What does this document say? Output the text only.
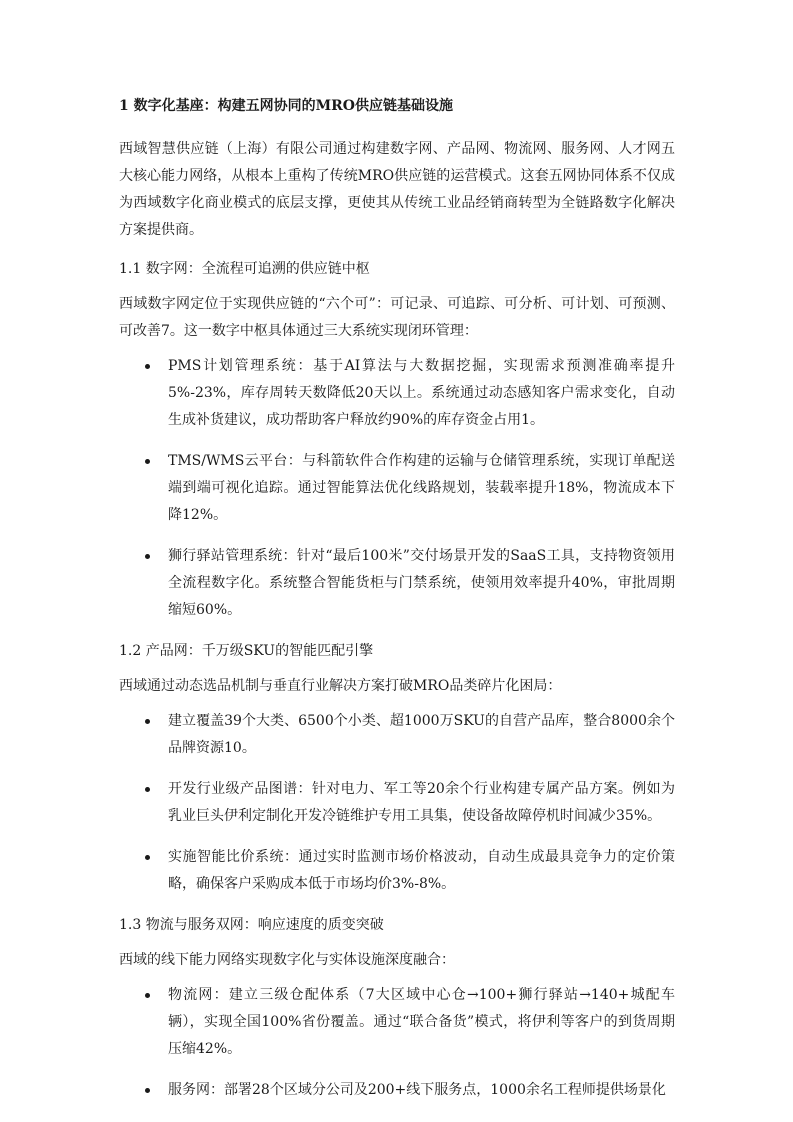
1 数字化基座：构建五网协同的MRO供应链基础设施

西域智慧供应链（上海）有限公司通过构建数字网、产品网、物流网、服务网、人才网五大核心能力网络，从根本上重构了传统MRO供应链的运营模式。这套五网协同体系不仅成为西域数字化商业模式的底层支撑，更使其从传统工业品经销商转型为全链路数字化解决方案提供商。

1.1 数字网：全流程可追溯的供应链中枢

西域数字网定位于实现供应链的“六个可”：可记录、可追踪、可分析、可计划、可预测、可改善7。这一数字中枢具体通过三大系统实现闭环管理：

PMS计划管理系统：基于AI算法与大数据挖掘，实现需求预测准确率提升5%-23%，库存周转天数降低20天以上。系统通过动态感知客户需求变化，自动生成补货建议，成功帮助客户释放约90%的库存资金占用1。
TMS/WMS云平台：与科箭软件合作构建的运输与仓储管理系统，实现订单配送端到端可视化追踪。通过智能算法优化线路规划，装载率提升18%，物流成本下降12%。
狮行驿站管理系统：针对“最后100米”交付场景开发的SaaS工具，支持物资领用全流程数字化。系统整合智能货柜与门禁系统，使领用效率提升40%，审批周期缩短60%。
1.2 产品网：千万级SKU的智能匹配引擎

西域通过动态选品机制与垂直行业解决方案打破MRO品类碎片化困局：

建立覆盖39个大类、6500个小类、超1000万SKU的自营产品库，整合8000余个品牌资源10。
开发行业级产品图谱：针对电力、军工等20余个行业构建专属产品方案。例如为乳业巨头伊利定制化开发冷链维护专用工具集，使设备故障停机时间减少35%。
实施智能比价系统：通过实时监测市场价格波动，自动生成最具竞争力的定价策略，确保客户采购成本低于市场均价3%-8%。
1.3 物流与服务双网：响应速度的质变突破

西域的线下能力网络实现数字化与实体设施深度融合：

物流网：建立三级仓配体系（7大区域中心仓→100+狮行驿站→140+城配车辆），实现全国100%省份覆盖。通过“联合备货”模式，将伊利等客户的到货周期压缩42%。
服务网：部署28个区域分公司及200+线下服务点，1000余名工程师提供场景化
